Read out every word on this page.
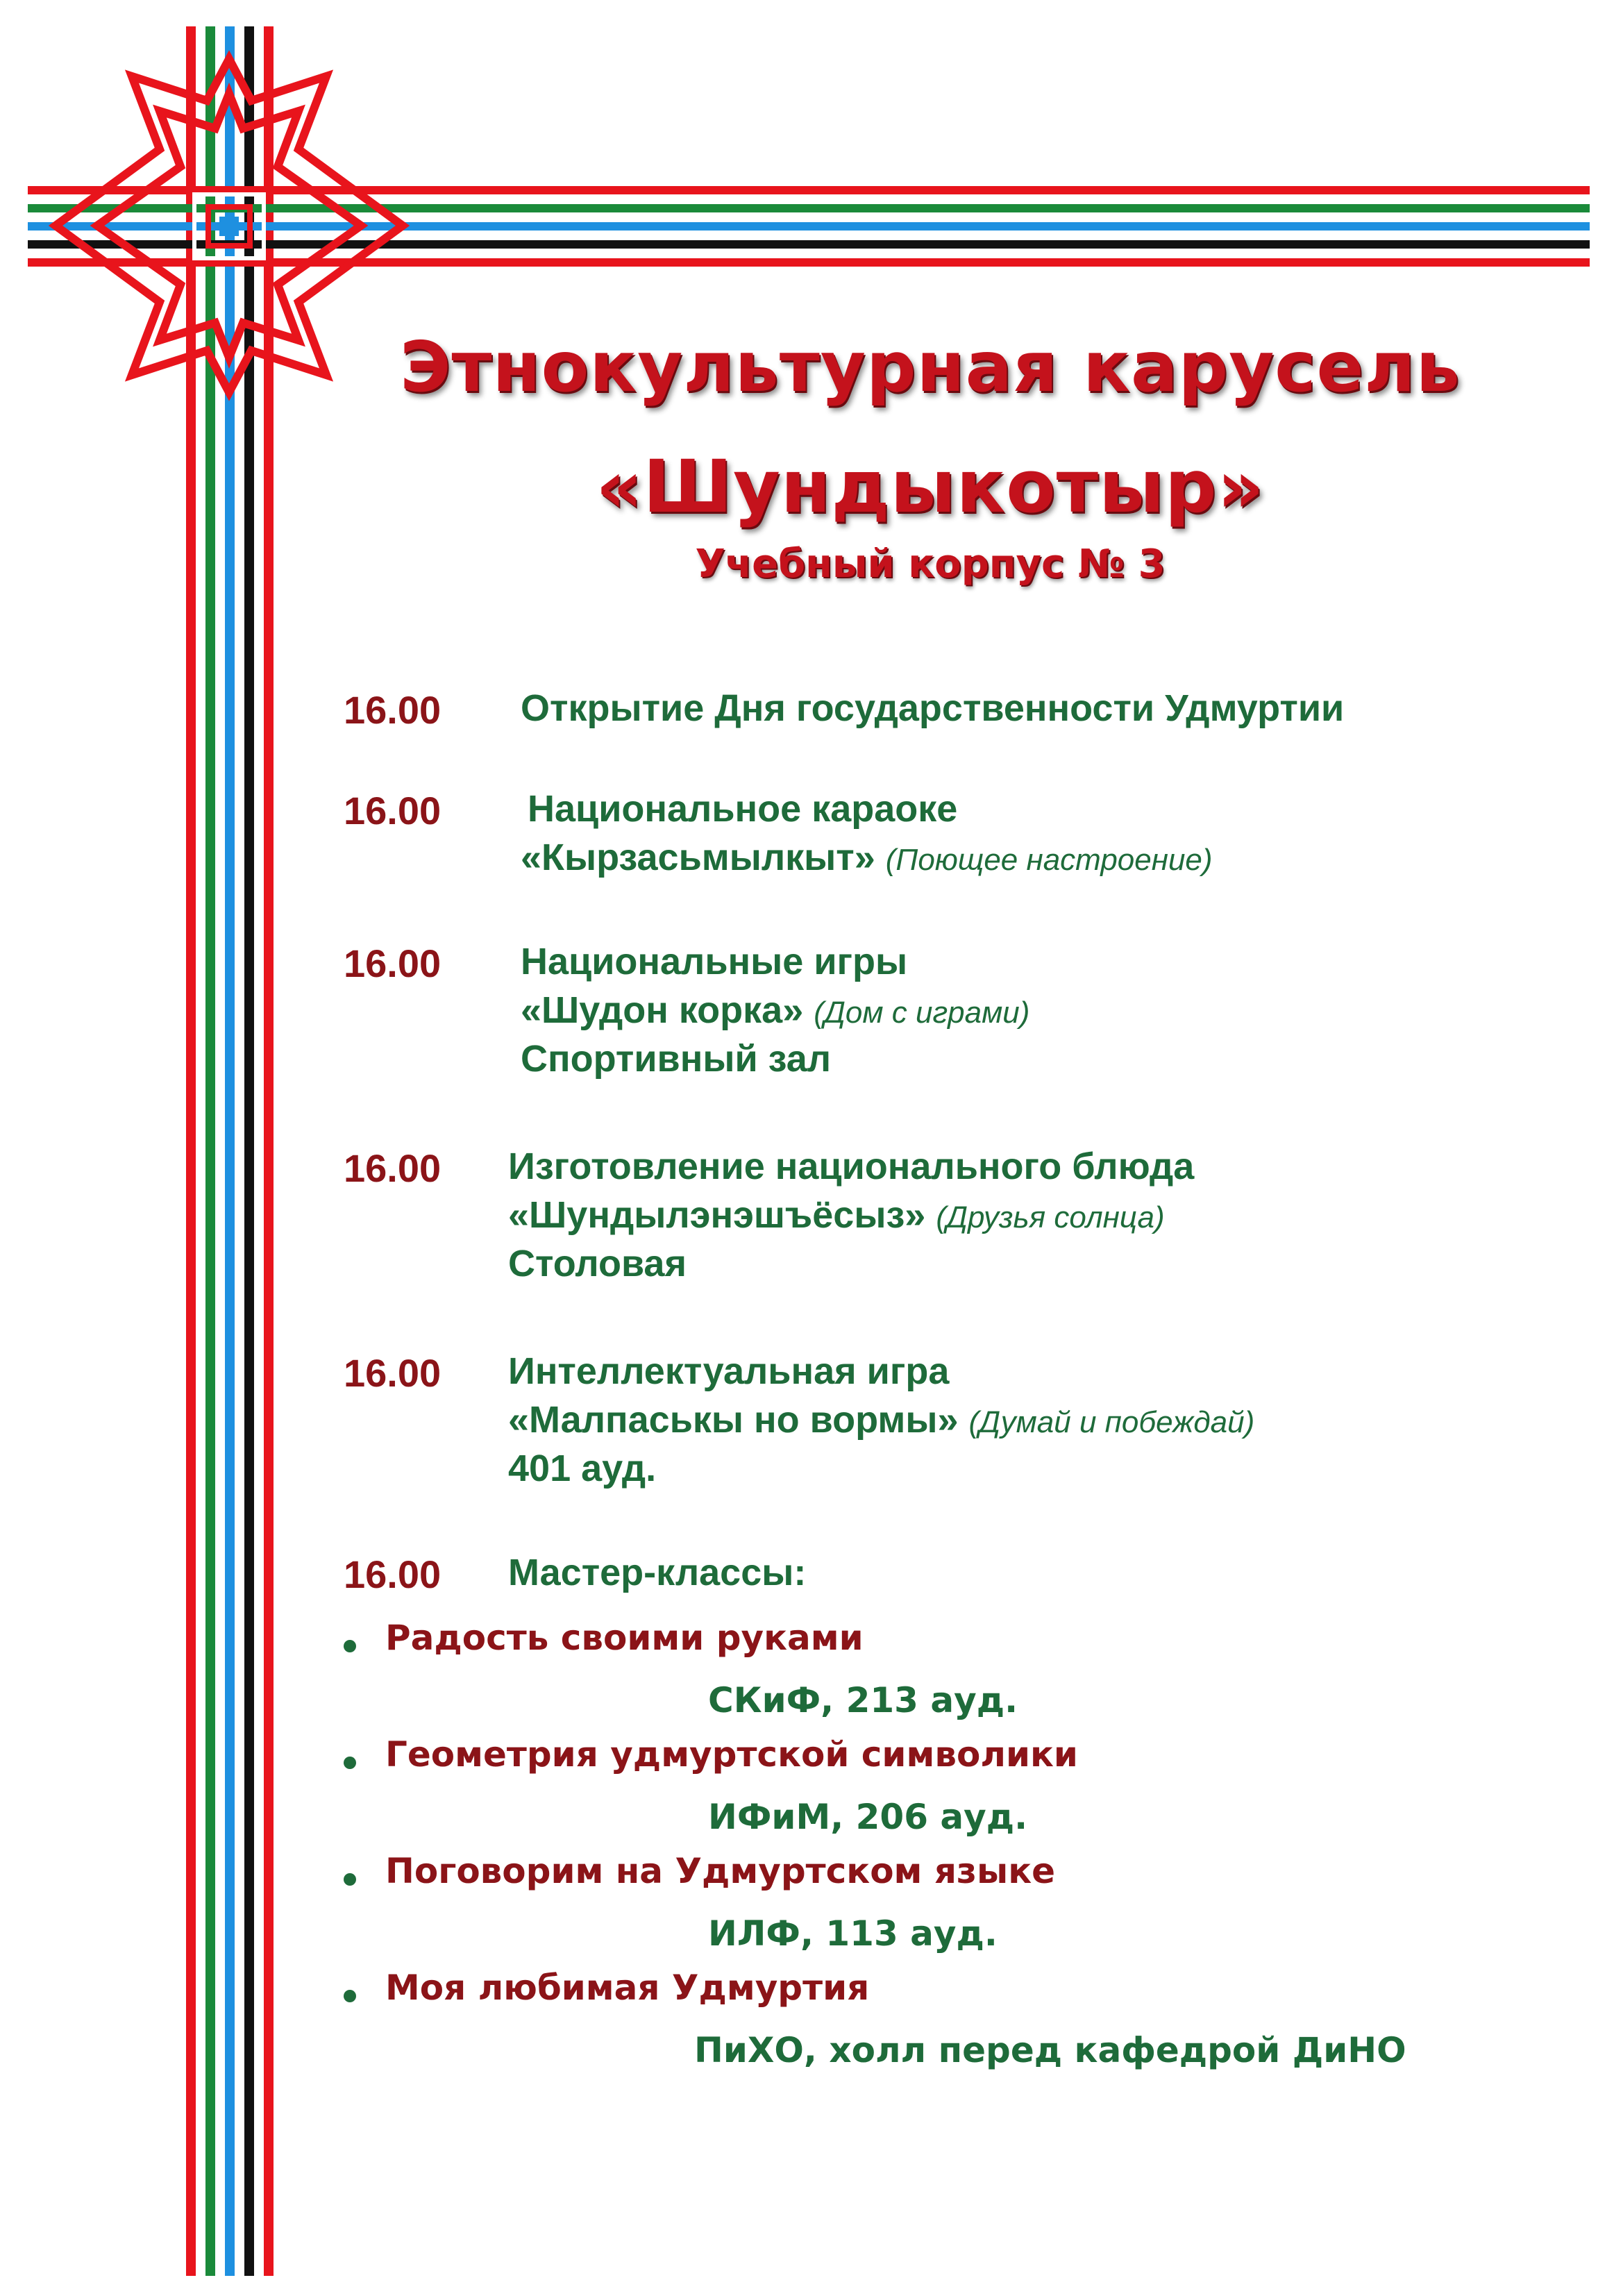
Этнокультурная карусель
«Шундыкотыр»
Учебный корпус № 3
16.00 Открытие Дня государственности Удмуртии
16.00 Национальное караоке
«Кырзасьмылкыт» (Поющее настроение)
16.00 Национальные игры
«Шудон корка» (Дом с играми)
Спортивный зал
16.00 Изготовление национального блюда
«Шундылэнэшъёсыз» (Друзья солнца)
Столовая
16.00 Интеллектуальная игра
«Малпаськы но вормы» (Думай и побеждай)
401 ауд.
16.00 Мастер-классы:
Радость своими руками
СКиФ, 213 ауд.
Геометрия удмуртской символики
ИФиМ, 206 ауд.
Поговорим на Удмуртском языке
ИЛФ, 113 ауд.
Моя любимая Удмуртия
ПиХО, холл перед кафедрой ДиНО
